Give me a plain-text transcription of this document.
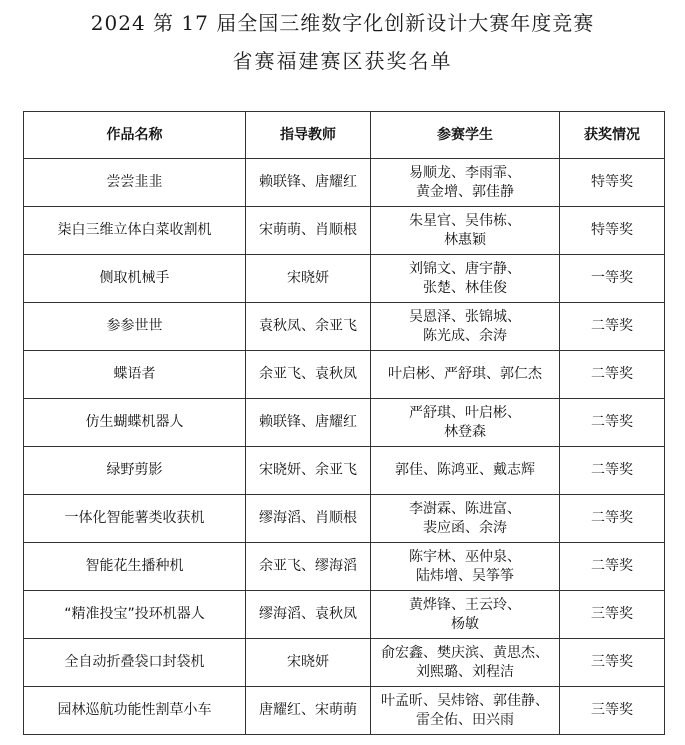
2024 第 17 届全国三维数字化创新设计大赛年度竞赛
省赛福建赛区获奖名单
作品名称	指导教师	参赛学生	获奖情况
尝尝韭韭	赖联锋、唐耀红	易顺龙、李雨霏、
黄金增、郭佳静	特等奖
柒白三维立体白菜收割机	宋萌萌、肖顺根	朱星官、吴伟栋、
林惠颖	特等奖
侧取机械手	宋晓妍	刘锦文、唐宇静、
张楚、林佳俊	一等奖
参参世世	袁秋凤、余亚飞	吴恩泽、张锦城、
陈光成、余涛	二等奖
蝶语者	余亚飞、袁秋凤	叶启彬、严舒琪、郭仁杰	二等奖
仿生蝴蝶机器人	赖联锋、唐耀红	严舒琪、叶启彬、
林登森	二等奖
绿野剪影	宋晓妍、余亚飞	郭佳、陈鸿亚、戴志辉	二等奖
一体化智能薯类收获机	缪海滔、肖顺根	李澍霖、陈进富、
裴应函、余涛	二等奖
智能花生播种机	余亚飞、缪海滔	陈宇林、巫仲泉、
陆炜增、吴筝筝	二等奖
“精准投宝”投环机器人	缪海滔、袁秋凤	黄烨锋、王云玲、
杨敏	三等奖
全自动折叠袋口封袋机	宋晓妍	俞宏鑫、樊庆滨、黄思杰、
刘熙璐、刘程洁	三等奖
园林巡航功能性割草小车	唐耀红、宋萌萌	叶孟昕、吴炜镕、郭佳静、
雷全佑、田兴雨	三等奖
